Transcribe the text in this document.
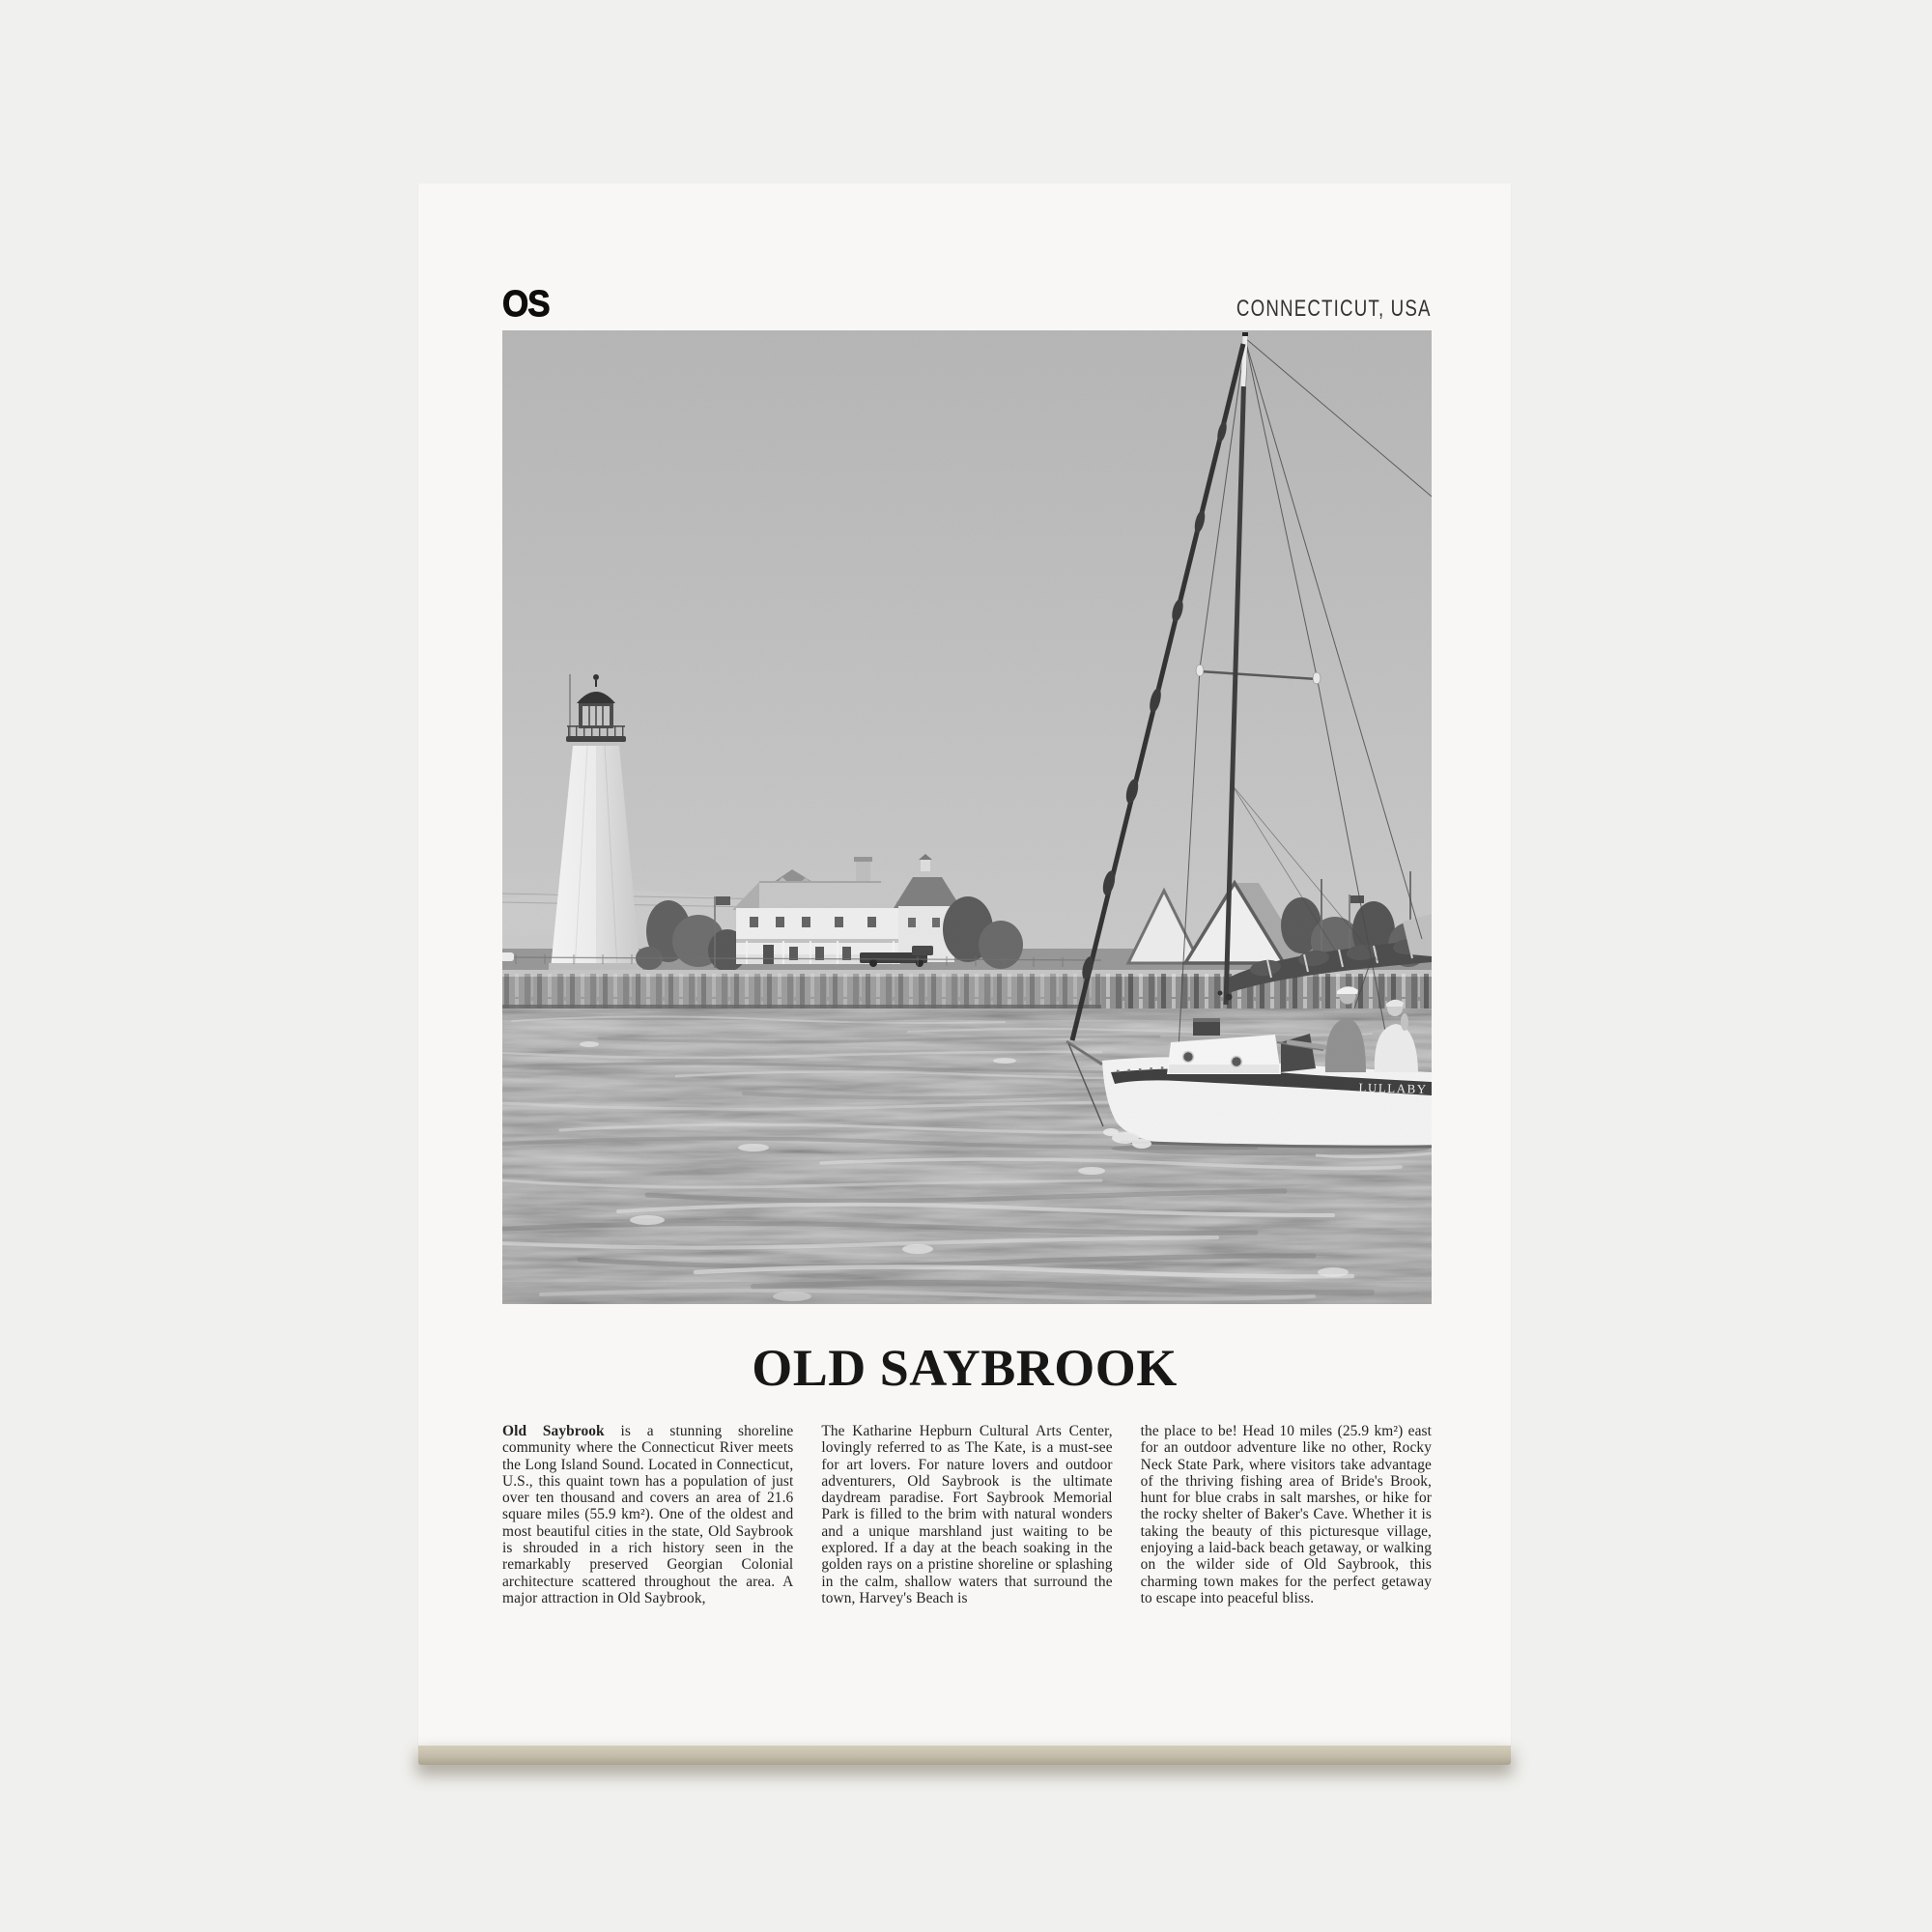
OS	CONNECTICUT, USA
LULLABY
OLD SAYBROOK
Old Saybrook is a stunning shoreline community where the Connecticut River meets the Long Island Sound. Located in Connecticut, U.S., this quaint town has a population of just over ten thousand and covers an area of 21.6 square miles (55.9 km²). One of the oldest and most beautiful cities in the state, Old Saybrook is shrouded in a rich history seen in the remarkably preserved Georgian Colonial architecture scattered throughout the area. A major attraction in Old Saybrook,
The Katharine Hepburn Cultural Arts Center, lovingly referred to as The Kate, is a must-see for art lovers. For nature lovers and outdoor adventurers, Old Saybrook is the ultimate daydream paradise. Fort Saybrook Memorial Park is filled to the brim with natural wonders and a unique marshland just waiting to be explored. If a day at the beach soaking in the golden rays on a pristine shoreline or splashing in the calm, shallow waters that surround the town, Harvey's Beach is
the place to be! Head 10 miles (25.9 km²) east for an outdoor adventure like no other, Rocky Neck State Park, where visitors take advantage of the thriving fishing area of Bride's Brook, hunt for blue crabs in salt marshes, or hike for the rocky shelter of Baker's Cave. Whether it is taking the beauty of this picturesque village, enjoying a laid-back beach getaway, or walking on the wilder side of Old Saybrook, this charming town makes for the perfect getaway to escape into peaceful bliss.
